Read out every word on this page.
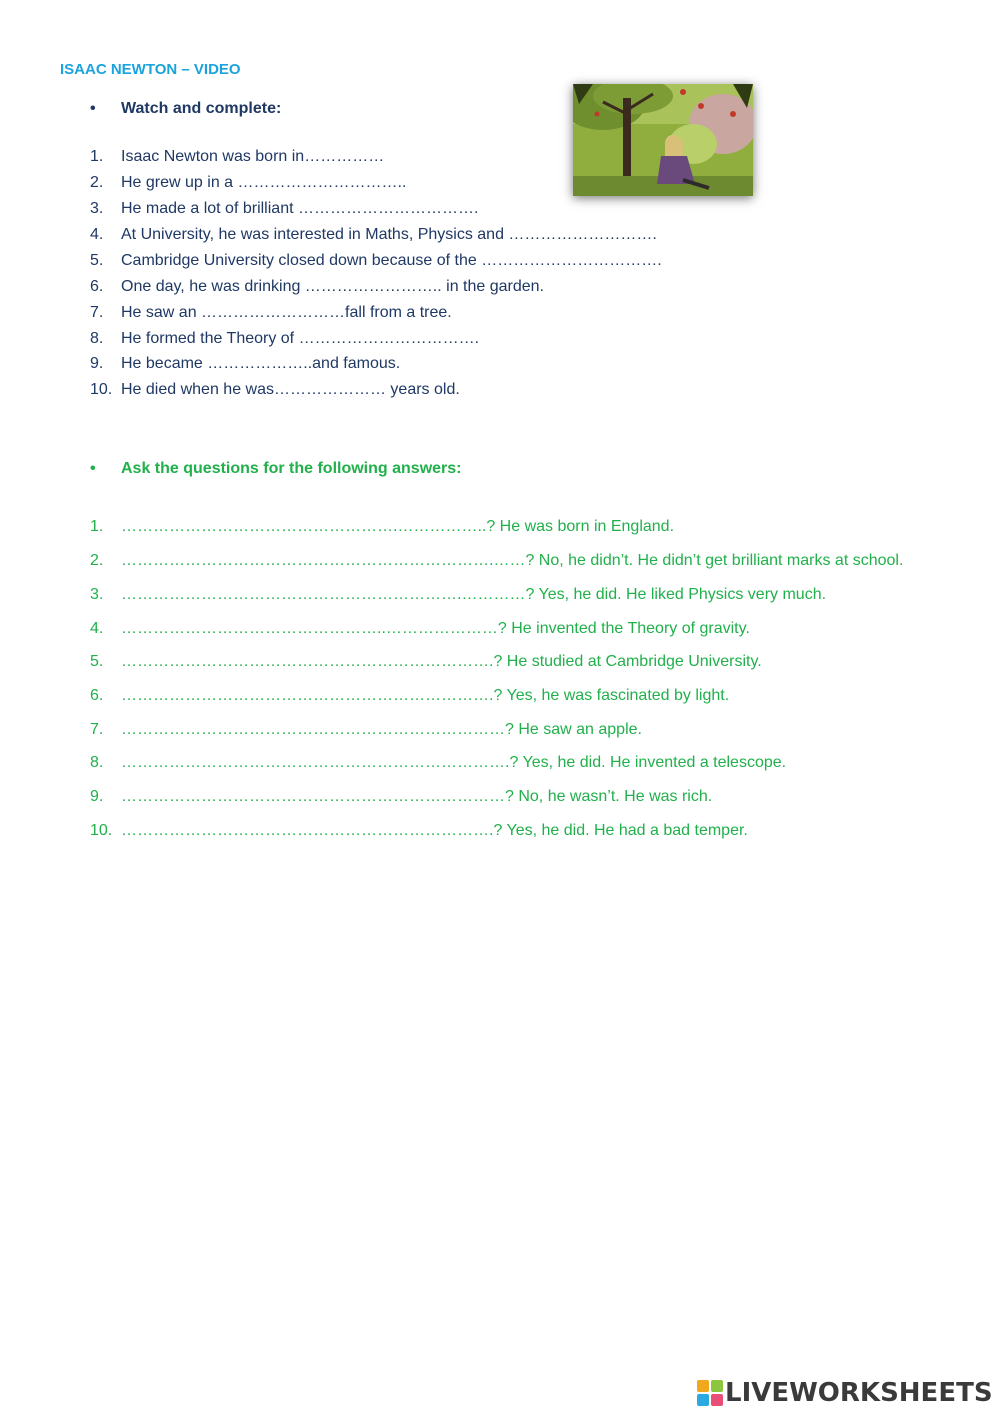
ISAAC NEWTON – VIDEO
• Watch and complete:
1. Isaac Newton was born in……………
2. He grew up in a …………………………..
3. He made a lot of brilliant …………………………….
4. At University, he was interested in Maths, Physics and ……………………….
5. Cambridge University closed down because of the …………………………….
6. One day, he was drinking …………………….. in the garden.
7. He saw an ………………………fall from a tree.
8. He formed the Theory of …………………………….
9. He became ………………..and famous.
10. He died when he was………………… years old.
• Ask the questions for the following answers:
1. …………………………………………….……………..? He was born in England.
2. …………………………………………………………….……? No, he didn’t. He didn’t get brilliant marks at school.
3. ……………………………………………………….…………? Yes, he did. He liked Physics very much.
4. …………………………………………..…………………? He invented the Theory of gravity.
5. …………………………………………………………….? He studied at Cambridge University.
6. …………………………………………………………….? Yes, he was fascinated by light.
7. ………………………………………………………………? He saw an apple.
8. ……………………………………………………………….? Yes, he did. He invented a telescope.
9. ………………………………………………………………? No, he wasn’t. He was rich.
10. …………………………………………………………….? Yes, he did. He had a bad temper.
LIVEWORKSHEETS
